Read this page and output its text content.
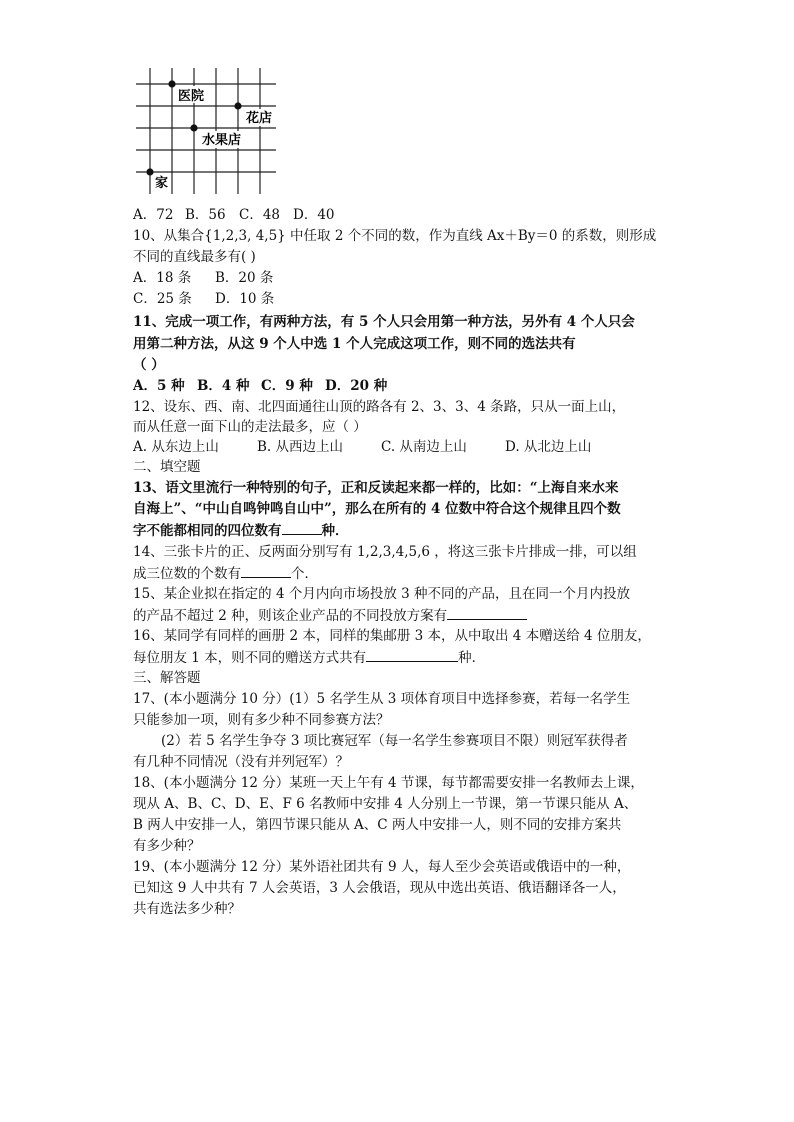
医院
花店
水果店
家
A．72 B．56 C．48 D．40
10、从集合{1,2,3, 4,5} 中任取 2 个不同的数，作为直线 Ax＋By＝0 的系数，则形成
不同的直线最多有( )
A．18 条 B．20 条
C．25 条 D．10 条
11、完成一项工作，有两种方法，有 5 个人只会用第一种方法，另外有 4 个人只会
用第二种方法，从这 9 个人中选 1 个人完成这项工作，则不同的选法共有
（ ）
A．5 种 B．4 种 C．9 种 D．20 种
12、设东、西、南、北四面通往山顶的路各有 2、3、3、4 条路，只从一面上山，
而从任意一面下山的走法最多，应（ ）
A. 从东边上山	B. 从西边上山	C. 从南边上山	D. 从北边上山
二、填空题
13、语文里流行一种特别的句子，正和反读起来都一样的，比如：“上海自来水来
自海上”、“中山自鸣钟鸣自山中”，那么在所有的 4 位数中符合这个规律且四个数
字不能都相同的四位数有	种．
14、三张卡片的正、反两面分别写有 1,2,3,4,5,6 ，将这三张卡片排成一排，可以组
成三位数的个数有	个．
15、某企业拟在指定的 4 个月内向市场投放 3 种不同的产品，且在同一个月内投放
的产品不超过 2 种，则该企业产品的不同投放方案有
16、某同学有同样的画册 2 本，同样的集邮册 3 本，从中取出 4 本赠送给 4 位朋友，
每位朋友 1 本，则不同的赠送方式共有	种．
三、解答题
17、(本小题满分 10 分）(1）5 名学生从 3 项体育项目中选择参赛，若每一名学生
只能参加一项，则有多少种不同参赛方法？
(2）若 5 名学生争夺 3 项比赛冠军（每一名学生参赛项目不限）则冠军获得者
有几种不同情况（没有并列冠军）？
18、(本小题满分 12 分）某班一天上午有 4 节课，每节都需要安排一名教师去上课，
现从 A、B、C、D、E、F 6 名教师中安排 4 人分别上一节课，第一节课只能从 A、
B 两人中安排一人，第四节课只能从 A、C 两人中安排一人，则不同的安排方案共
有多少种？
19、(本小题满分 12 分）某外语社团共有 9 人，每人至少会英语或俄语中的一种，
已知这 9 人中共有 7 人会英语，3 人会俄语，现从中选出英语、俄语翻译各一人，
共有选法多少种？
